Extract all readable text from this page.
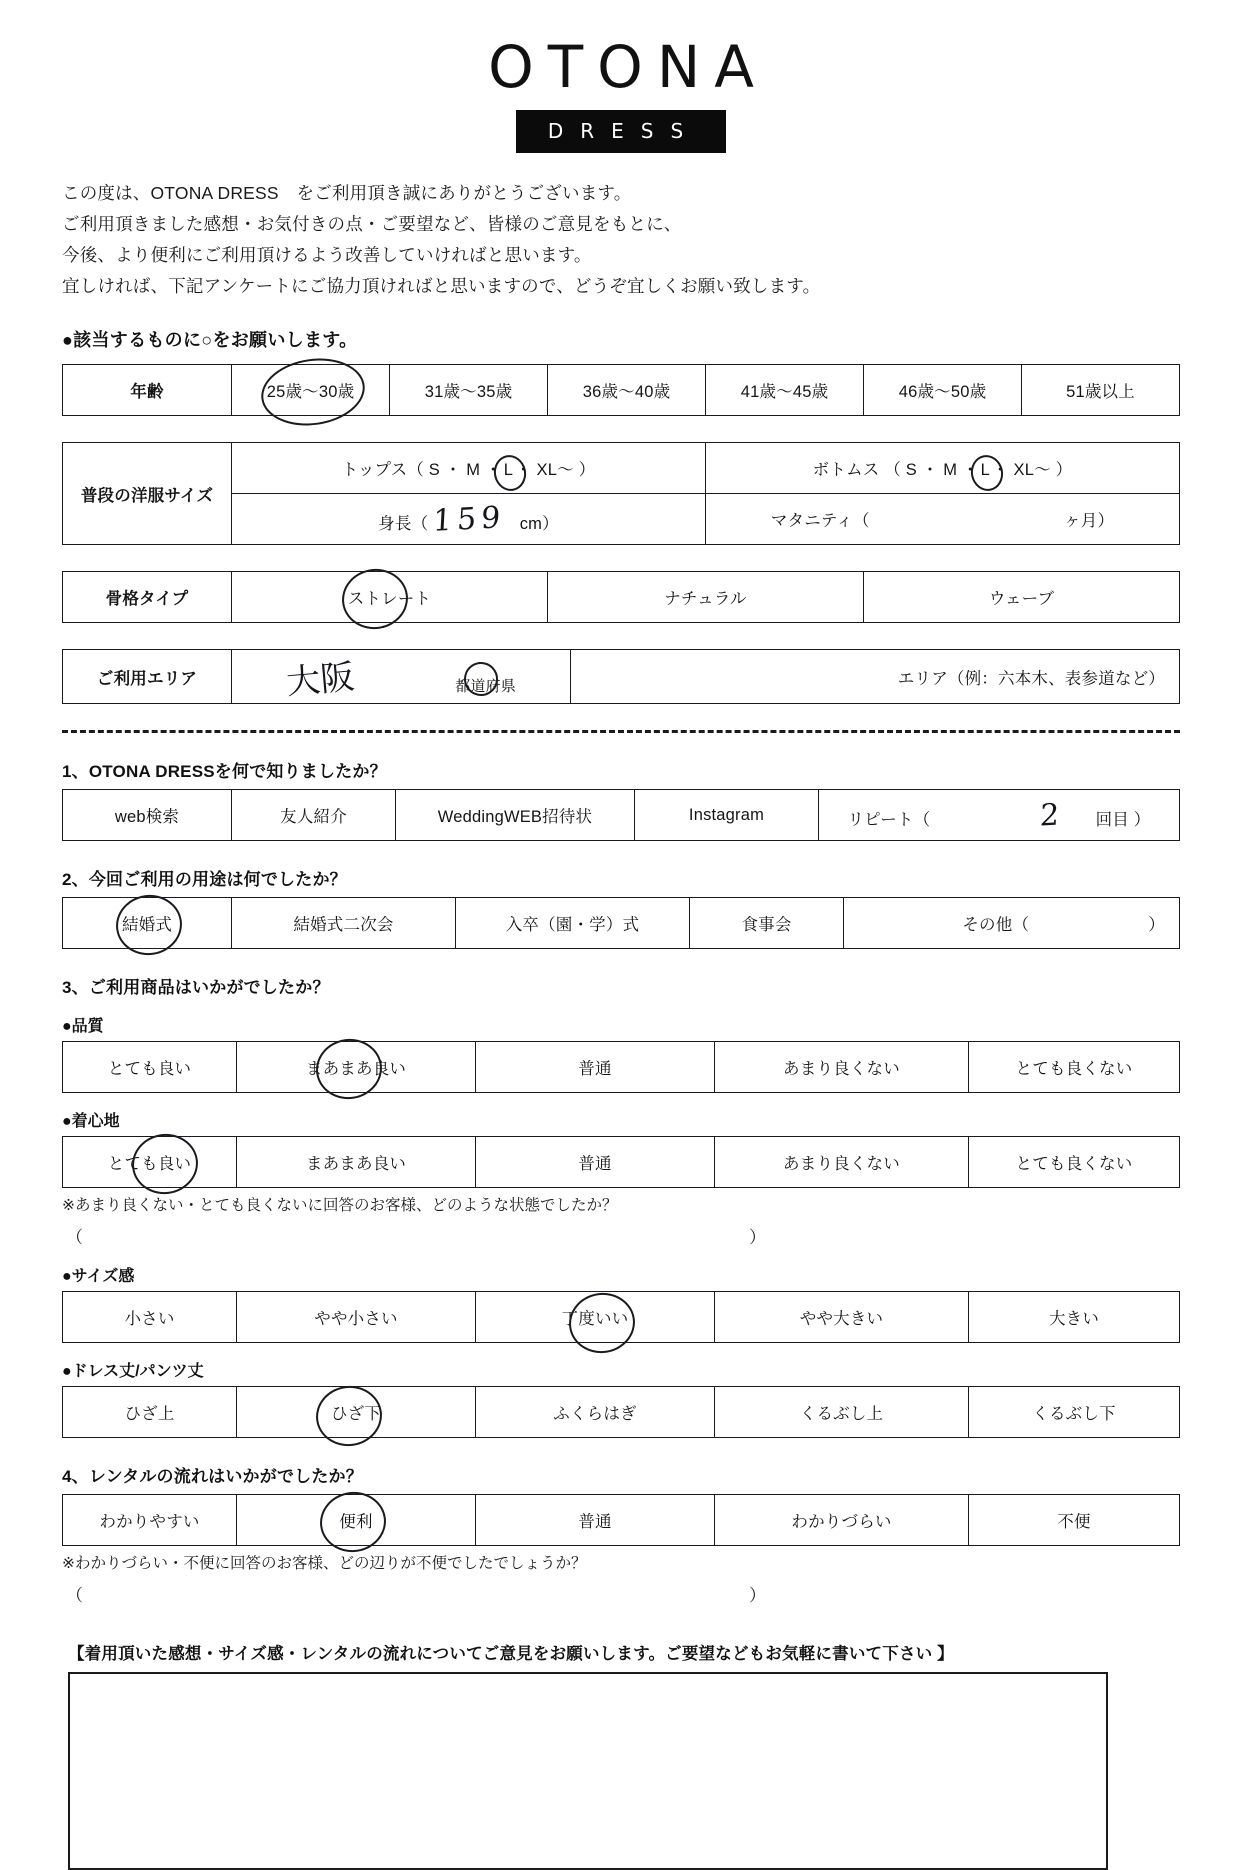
OTONA
DRESS
この度は、OTONA DRESS　をご利用頂き誠にありがとうございます。
ご利用頂きました感想・お気付きの点・ご要望など、皆様のご意見をもとに、
今後、より便利にご利用頂けるよう改善していければと思います。
宜しければ、下記アンケートにご協力頂ければと思いますので、どうぞ宜しくお願い致します。
●該当するものに○をお願いします。
年齢	25歳〜30歳	31歳〜35歳	36歳〜40歳	41歳〜45歳	46歳〜50歳	51歳以上
普段の洋服サイズ	トップス（ S ・ M ・ L ・ XL〜 ）	ボトムス （ S ・ M ・ L ・ XL〜 ）
	身長（ 159 cm）	マタニティ（ ヶ月）
骨格タイプ	ストレート	ナチュラル	ウェーブ
ご利用エリア	大阪	都道府県	エリア（例：六本木、表参道など）
1、OTONA DRESSを何で知りましたか？
web検索	友人紹介	WeddingWEB招待状	Instagram	リピート（	2 回目 ）
2、今回ご利用の用途は何でしたか？
結婚式	結婚式二次会	入卒（園・学）式	食事会	その他（	）
3、ご利用商品はいかがでしたか？
●品質
とても良い	まあまあ良い	普通	あまり良くない	とても良くない
●着心地
とても良い	まあまあ良い	普通	あまり良くない	とても良くない
※あまり良くない・とても良くないに回答のお客様、どのような状態でしたか？
（	）
●サイズ感
小さい	やや小さい	丁度いい	やや大きい	大きい
●ドレス丈/パンツ丈
ひざ上	ひざ下	ふくらはぎ	くるぶし上	くるぶし下
4、レンタルの流れはいかがでしたか？
わかりやすい	便利	普通	わかりづらい	不便
※わかりづらい・不便に回答のお客様、どの辺りが不便でしたでしょうか？
（	）
【着用頂いた感想・サイズ感・レンタルの流れについてご意見をお願いします。ご要望などもお気軽に書いて下さい 】
